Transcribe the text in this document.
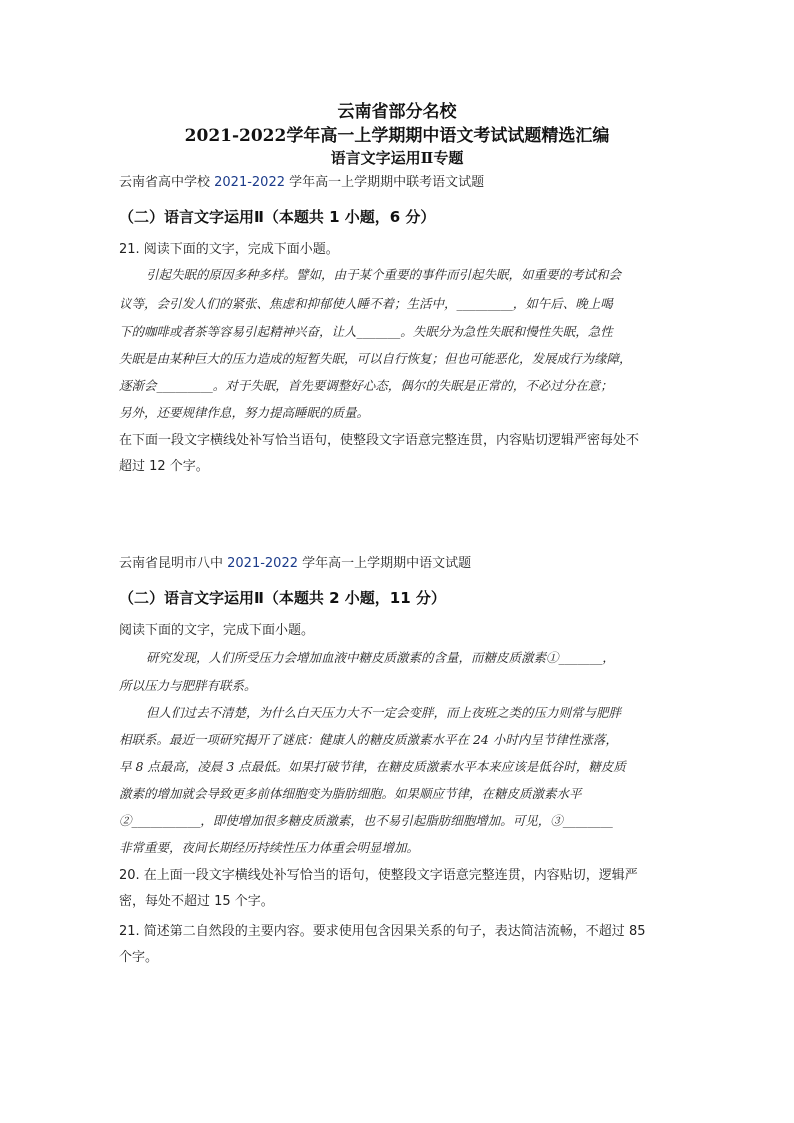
云南省部分名校
2021-2022学年高一上学期期中语文考试试题精选汇编
语言文字运用Ⅱ专题
云南省高中学校 2021-2022 学年高一上学期期中联考语文试题
（二）语言文字运用Ⅱ（本题共 1 小题，6 分）
21. 阅读下面的文字，完成下面小题。
引起失眠的原因多种多样。譬如，由于某个重要的事件而引起失眠，如重要的考试和会
议等，会引发人们的紧张、焦虑和抑郁使人睡不着；生活中，_________，如午后、晚上喝
下的咖啡或者茶等容易引起精神兴奋，让人_______。失眠分为急性失眠和慢性失眠，急性
失眠是由某种巨大的压力造成的短暂失眠，可以自行恢复；但也可能恶化，发展成行为缘障，
逐渐会_________。对于失眠，首先要调整好心态，偶尔的失眠是正常的，不必过分在意；
另外，还要规律作息，努力提高睡眠的质量。
在下面一段文字横线处补写恰当语句，使整段文字语意完整连贯，内容贴切逻辑严密每处不
超过 12 个字。
云南省昆明市八中 2021-2022 学年高一上学期期中语文试题
（二）语言文字运用Ⅱ（本题共 2 小题，11 分）
阅读下面的文字，完成下面小题。
研究发现，人们所受压力会增加血液中糖皮质激素的含量，而糖皮质激素①_______，
所以压力与肥胖有联系。
但人们过去不清楚，为什么白天压力大不一定会变胖，而上夜班之类的压力则常与肥胖
相联系。最近一项研究揭开了谜底：健康人的糖皮质激素水平在 24 小时内呈节律性涨落，
早 8 点最高，凌晨 3 点最低。如果打破节律，在糖皮质激素水平本来应该是低谷时，糖皮质
激素的增加就会导致更多前体细胞变为脂肪细胞。如果顺应节律，在糖皮质激素水平
②___________，即使增加很多糖皮质激素，也不易引起脂肪细胞增加。可见，③________
非常重要，夜间长期经历持续性压力体重会明显增加。
20. 在上面一段文字横线处补写恰当的语句，使整段文字语意完整连贯，内容贴切，逻辑严
密，每处不超过 15 个字。
21. 简述第二自然段的主要内容。要求使用包含因果关系的句子，表达简洁流畅，不超过 85
个字。
